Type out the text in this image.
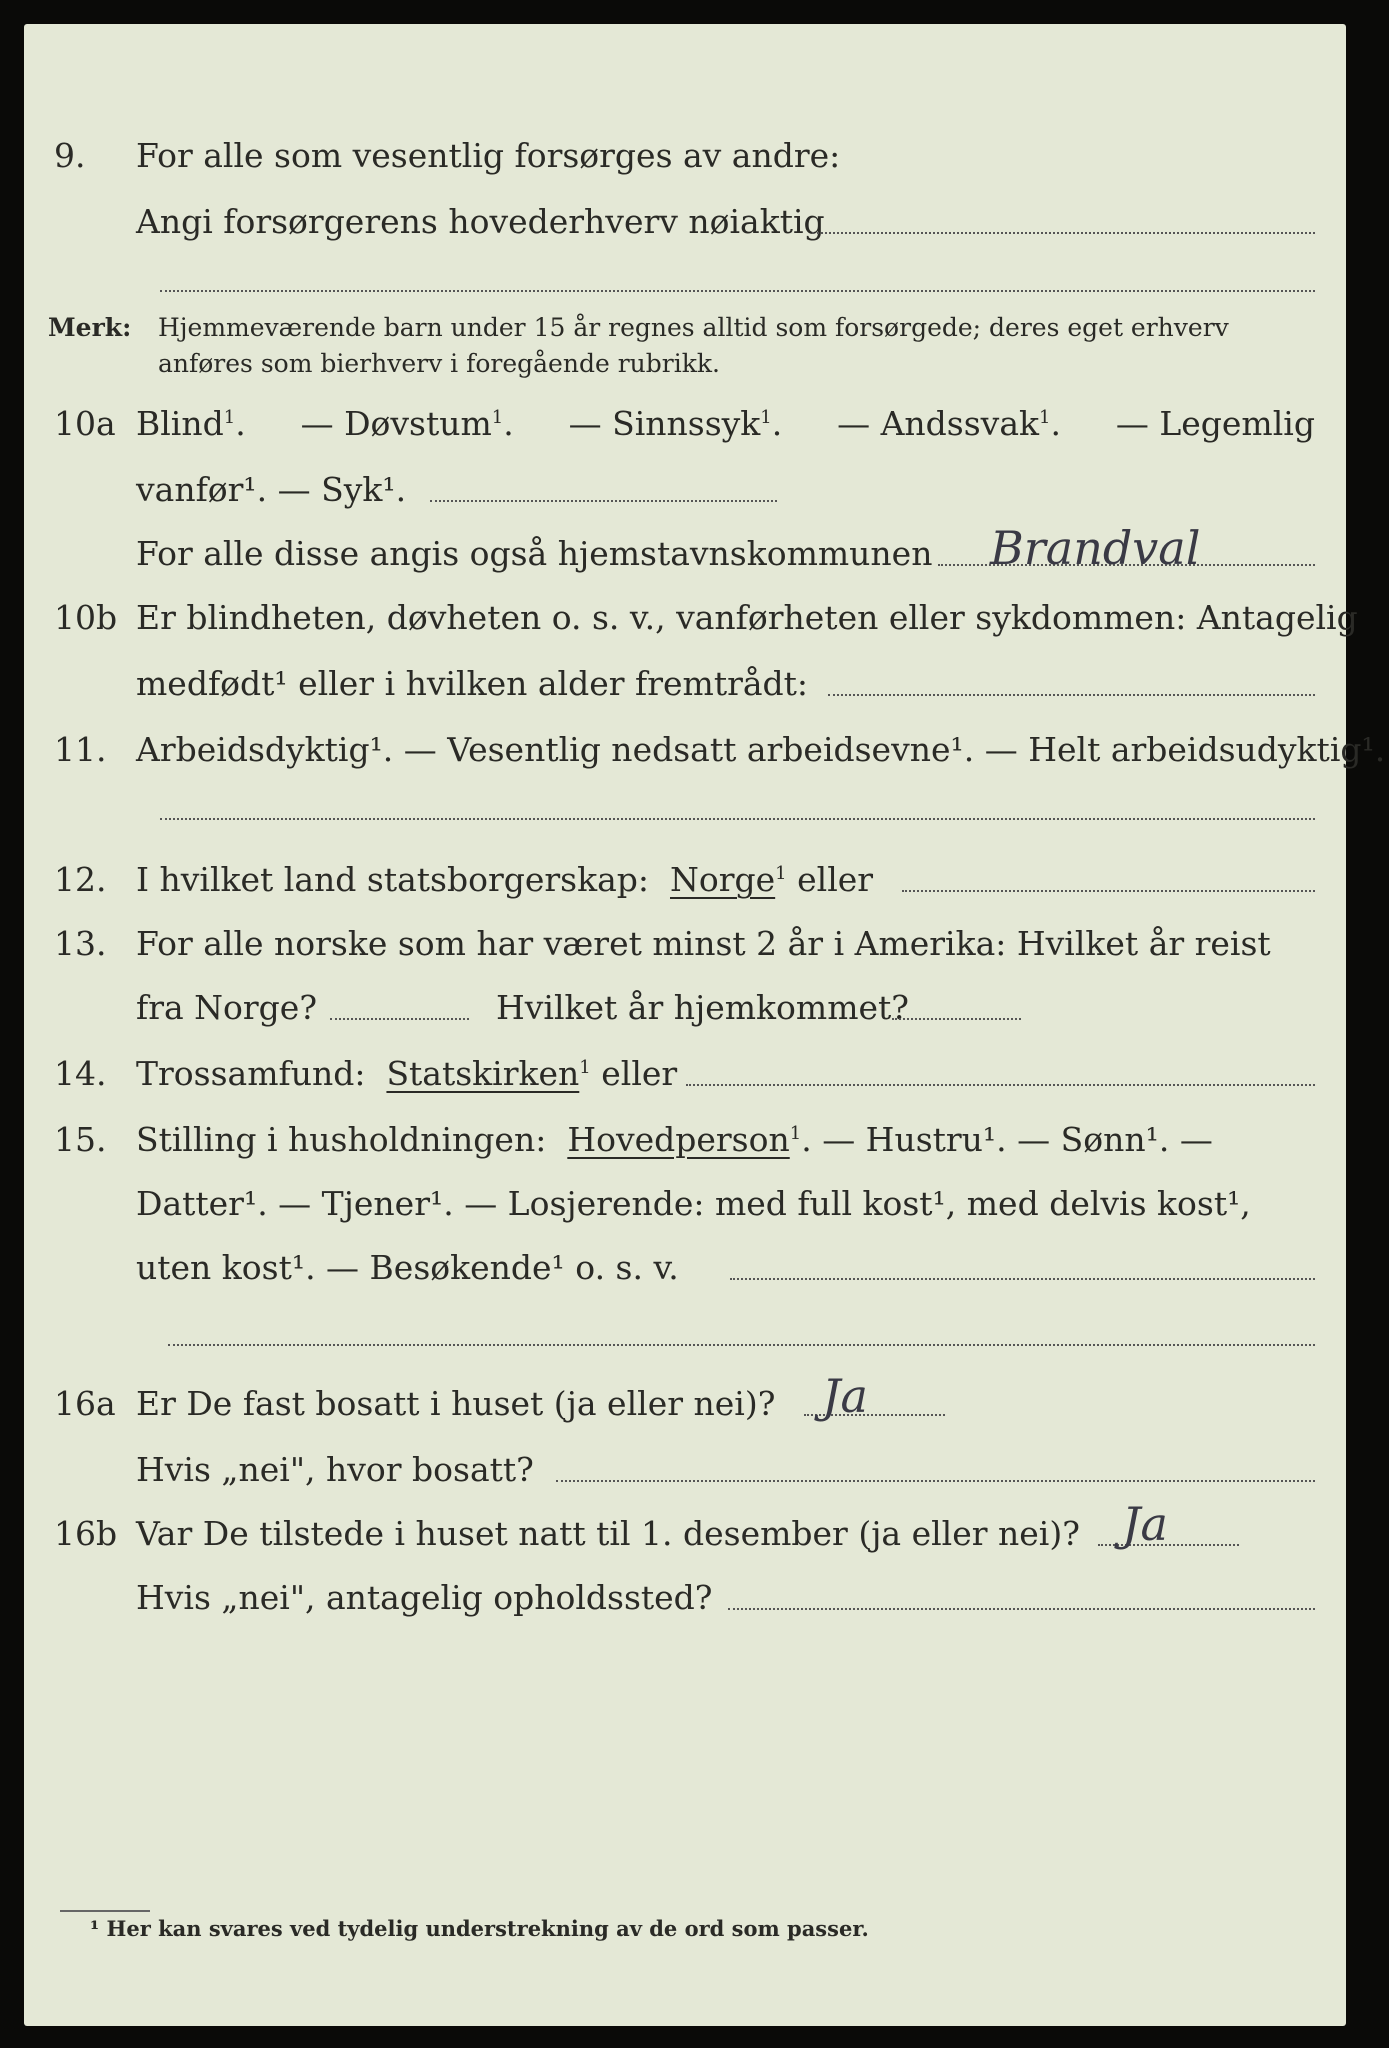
9. For alle som vesentlig forsørges av andre:
Angi forsørgerens hovederhverv nøiaktig
Merk: Hjemmeværende barn under 15 år regnes alltid som forsørgede; deres eget erhverv anføres som bierhverv i foregående rubrikk.
10a Blind$^1$. — Døvstum$^1$. — Sinnssyk$^1$. — Andssvak$^1$. — Legemlig
vanfør¹. — Syk¹.
For alle disse angis også hjemstavnskommunen Brandval
10b Er blindheten, døvheten o. s. v., vanførheten eller sykdommen: Antagelig
medfødt¹ eller i hvilken alder fremtrådt:
11. Arbeidsdyktig¹. — Vesentlig nedsatt arbeidsevne¹. — Helt arbeidsudyktig¹.
12. I hvilket land statsborgerskap: Norge$^1$ eller
13. For alle norske som har været minst 2 år i Amerika: Hvilket år reist
fra Norge?	Hvilket år hjemkommet?
14. Trossamfund: Statskirken$^1$ eller
15. Stilling i husholdningen: Hovedperson$^1$. — Hustru¹. — Sønn¹. —
Datter¹. — Tjener¹. — Losjerende: med full kost¹, med delvis kost¹,
uten kost¹. — Besøkende¹ o. s. v.
16a Er De fast bosatt i huset (ja eller nei)? Ja
Hvis „nei", hvor bosatt?
16b Var De tilstede i huset natt til 1. desember (ja eller nei)? Ja
Hvis „nei", antagelig opholdssted?
¹ Her kan svares ved tydelig understrekning av de ord som passer.
